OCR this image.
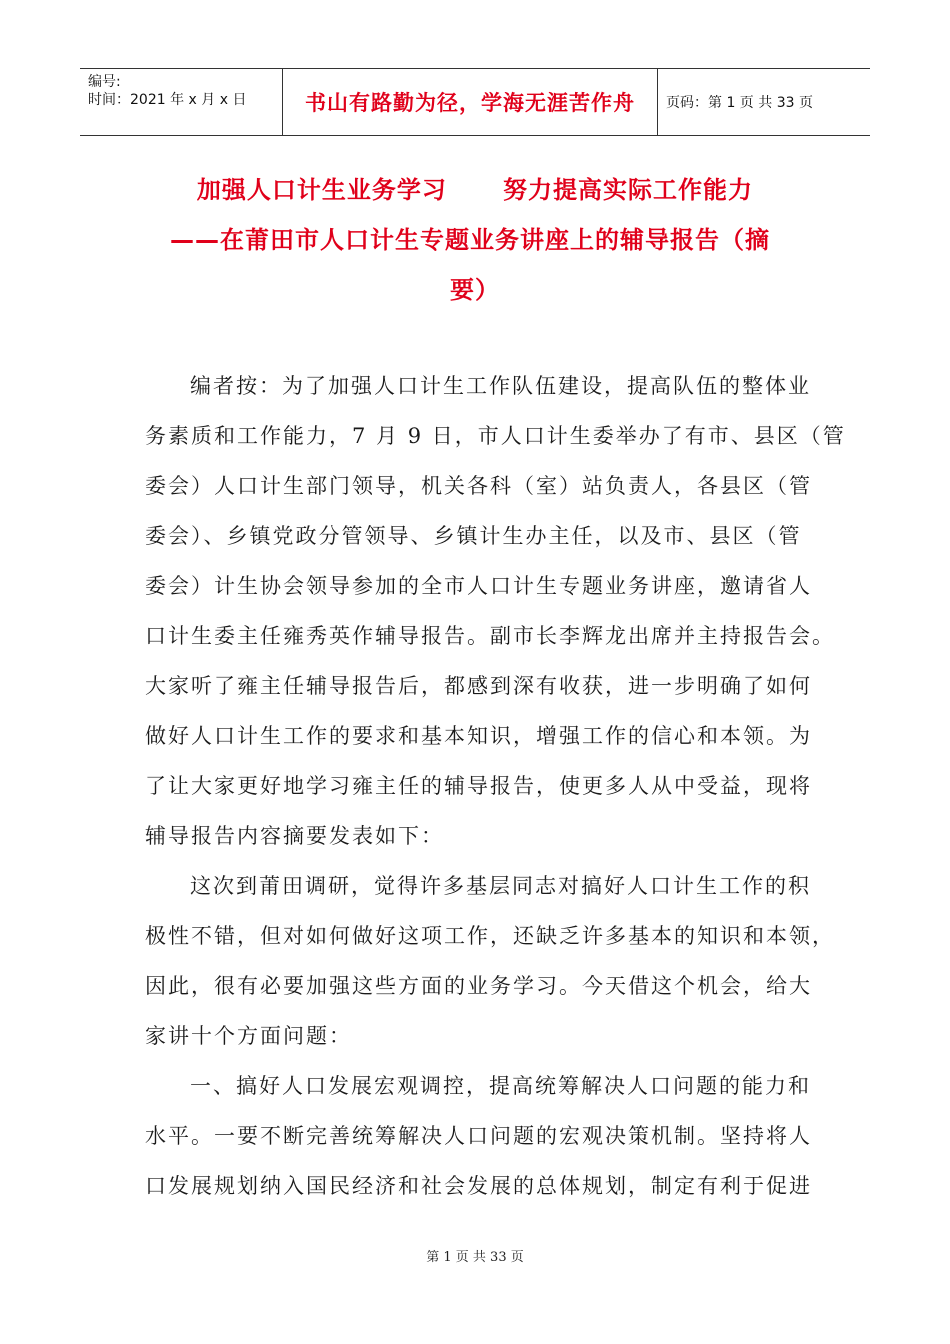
编号:
时间：2021 年 x 月 x 日	书山有路勤为径，学海无涯苦作舟	页码：第 1 页 共 33 页
加强人口计生业务学习      努力提高实际工作能力
——在莆田市人口计生专题业务讲座上的辅导报告（摘
要）
编者按：为了加强人口计生工作队伍建设，提高队伍的整体业
务素质和工作能力，7 月 9 日，市人口计生委举办了有市、县区（管
委会）人口计生部门领导，机关各科（室）站负责人，各县区（管
委会）、乡镇党政分管领导、乡镇计生办主任，以及市、县区（管
委会）计生协会领导参加的全市人口计生专题业务讲座，邀请省人
口计生委主任雍秀英作辅导报告。副市长李辉龙出席并主持报告会。
大家听了雍主任辅导报告后，都感到深有收获，进一步明确了如何
做好人口计生工作的要求和基本知识，增强工作的信心和本领。为
了让大家更好地学习雍主任的辅导报告，使更多人从中受益，现将
辅导报告内容摘要发表如下：
这次到莆田调研，觉得许多基层同志对搞好人口计生工作的积
极性不错，但对如何做好这项工作，还缺乏许多基本的知识和本领，
因此，很有必要加强这些方面的业务学习。今天借这个机会，给大
家讲十个方面问题：
一、搞好人口发展宏观调控，提高统筹解决人口问题的能力和
水平。一要不断完善统筹解决人口问题的宏观决策机制。坚持将人
口发展规划纳入国民经济和社会发展的总体规划，制定有利于促进
第 1 页 共 33 页
